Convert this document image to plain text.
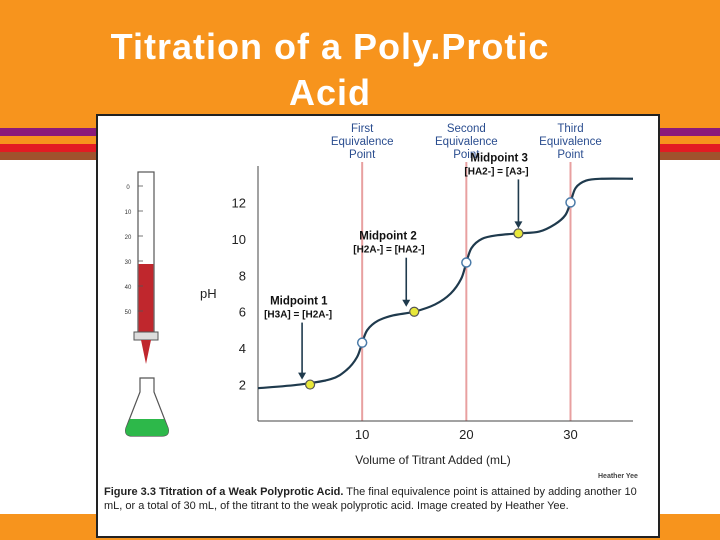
Titration of a Poly.Protic
Acid
0
10
20
30
40
50
pH
Volume of Titrant Added (mL)
Heather Yee
2
4
6
8
10
12
10	20	30
First
Equivalence
Point
Second
Equivalence
Point
Third
Equivalence
Point
Midpoint 1
[H3A] = [H2A-]
Midpoint 2
[H2A-] = [HA2-]
Midpoint 3
[HA2-] = [A3-]
Figure 3.3 Titration of a Weak Polyprotic Acid. The final equivalence point is attained by adding another 10 mL, or a total of 30 mL, of the titrant to the weak polyprotic acid. Image created by Heather Yee.
